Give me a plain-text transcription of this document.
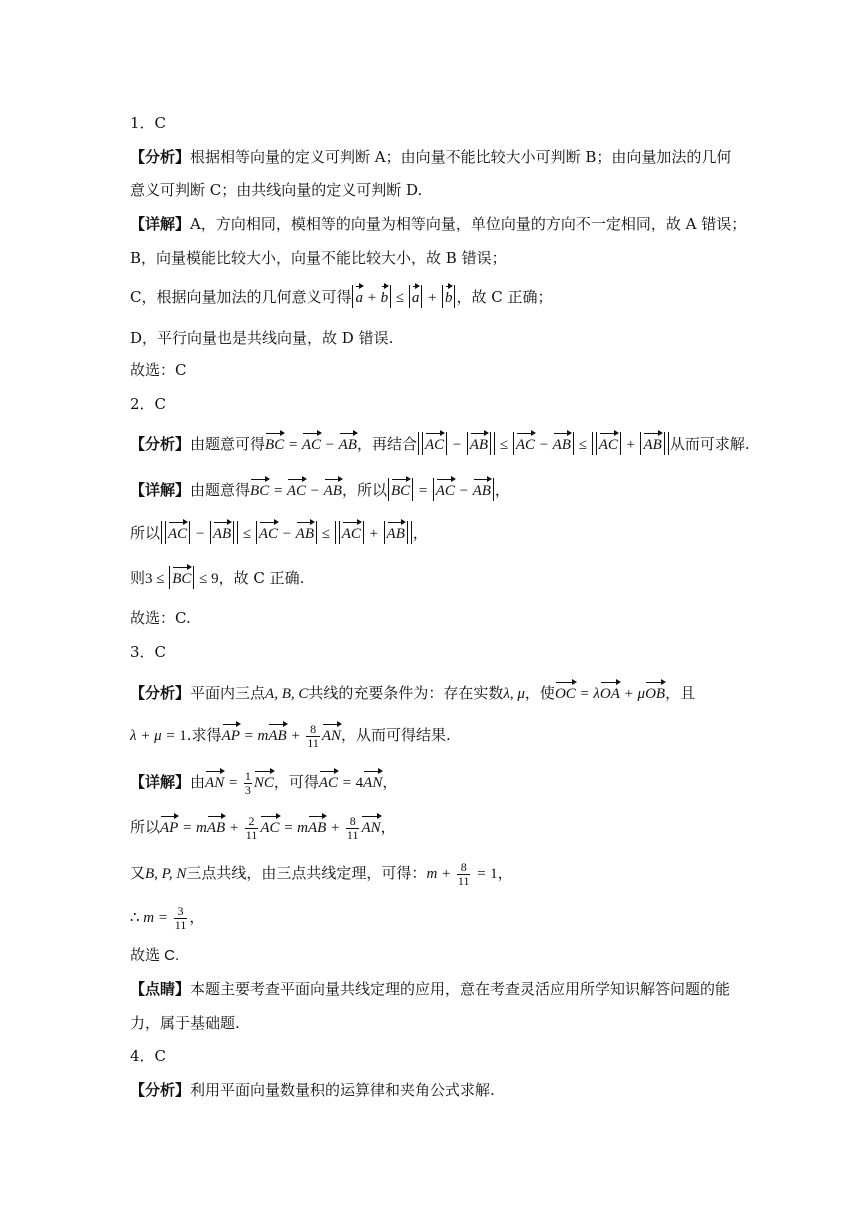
1．C
【分析】根据相等向量的定义可判断 A；由向量不能比较大小可判断 B；由向量加法的几何
意义可判断 C；由共线向量的定义可判断 D.
【详解】A，方向相同，模相等的向量为相等向量，单位向量的方向不一定相同，故 A 错误；
B，向量模能比较大小，向量不能比较大小，故 B 错误；
C，根据向量加法的几何意义可得 a + b ≤ a + b ，故 C 正确；
D，平行向量也是共线向量，故 D 错误.
故选：C
2．C
【分析】由题意可得BC = AC − AB，再结合 AC − AB ≤ AC − AB ≤ AC + AB 从而可求解.
【详解】由题意得BC = AC − AB，所以 BC = AC − AB ，
所以 AC − AB ≤ AC − AB ≤ AC + AB ，
则3 ≤ BC ≤ 9，故 C 正确.
故选：C.
3．C
【分析】平面内三点A, B, C共线的充要条件为：存在实数λ, μ，使OC = λOA + μOB，且
λ + μ = 1.求得AP = mAB + $\frac{8}{11}$ AN，从而可得结果.
【详解】由AN = $\frac{1}{3}$ NC，可得AC = 4AN，
所以AP = mAB + $\frac{2}{11}$ AC = mAB + $\frac{8}{11}$ AN，
又B, P, N三点共线，由三点共线定理，可得：$m + \frac{8}{11} = 1$，
∴ $m = \frac{3}{11}$ ，
故选 C.
【点睛】本题主要考查平面向量共线定理的应用，意在考查灵活应用所学知识解答问题的能
力，属于基础题.
4．C
【分析】利用平面向量数量积的运算律和夹角公式求解.
